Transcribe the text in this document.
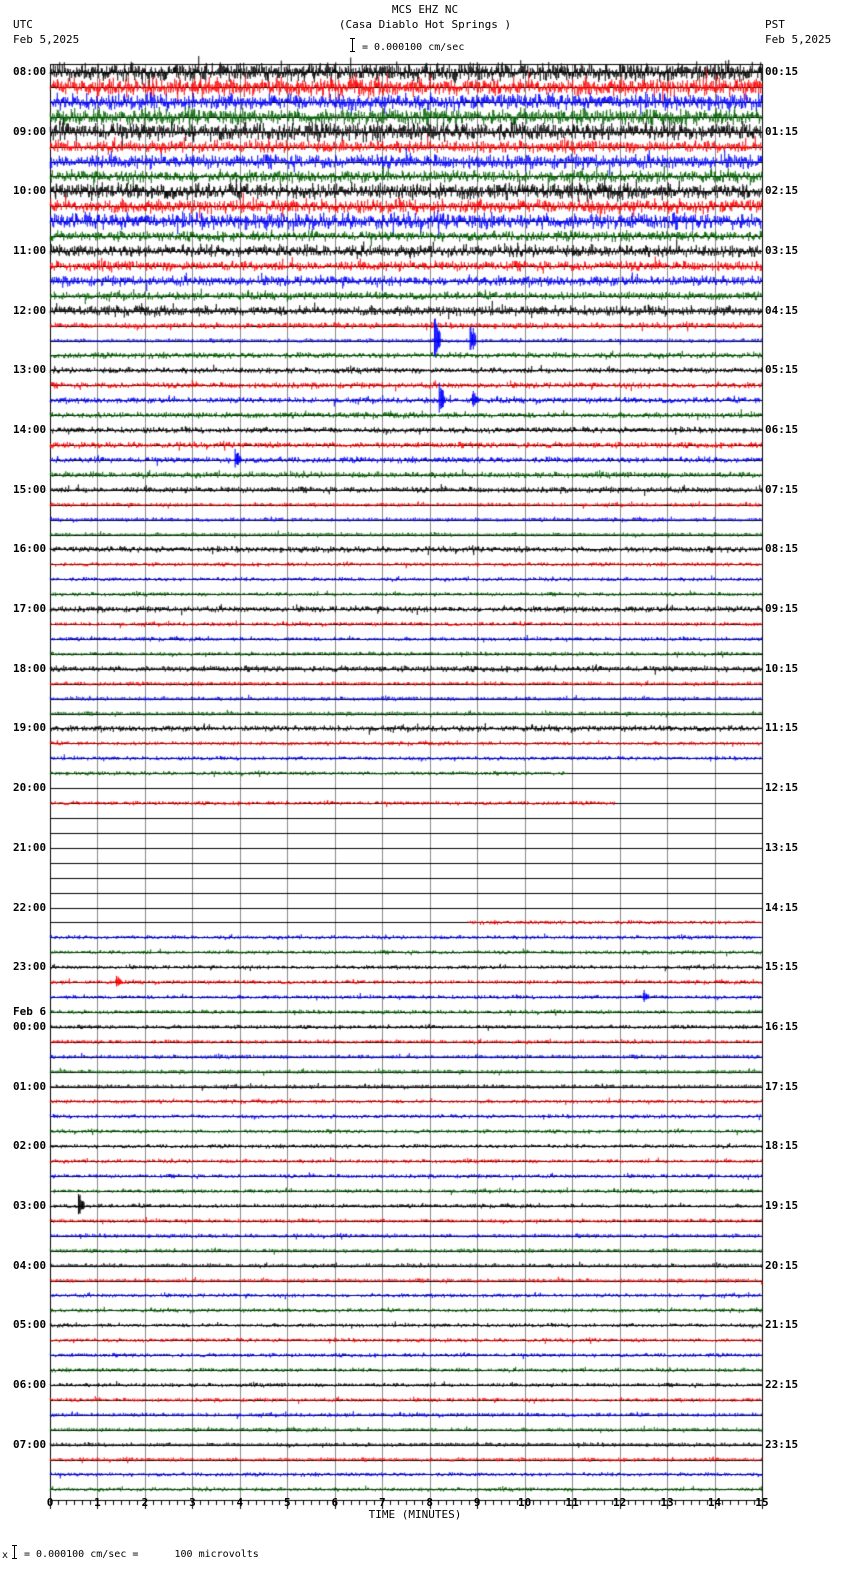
MCS EHZ NC
(Casa Diablo Hot Springs )
UTC
Feb 5,2025
PST
Feb 5,2025
= 0.000100 cm/sec
08:00
09:00
10:00
11:00
12:00
13:00
14:00
15:00
16:00
17:00
18:00
19:00
20:00
21:00
22:00
23:00
00:00
Feb 6
01:00
02:00
03:00
04:00
05:00
06:00
07:00
00:15
01:15
02:15
03:15
04:15
05:15
06:15
07:15
08:15
09:15
10:15
11:15
12:15
13:15
14:15
15:15
16:15
17:15
18:15
19:15
20:15
21:15
22:15
23:15
0	1	2	3	4	5	6	7	8	9	10	11	12	13	14	15
TIME (MINUTES)
x = 0.000100 cm/sec =      100 microvolts
